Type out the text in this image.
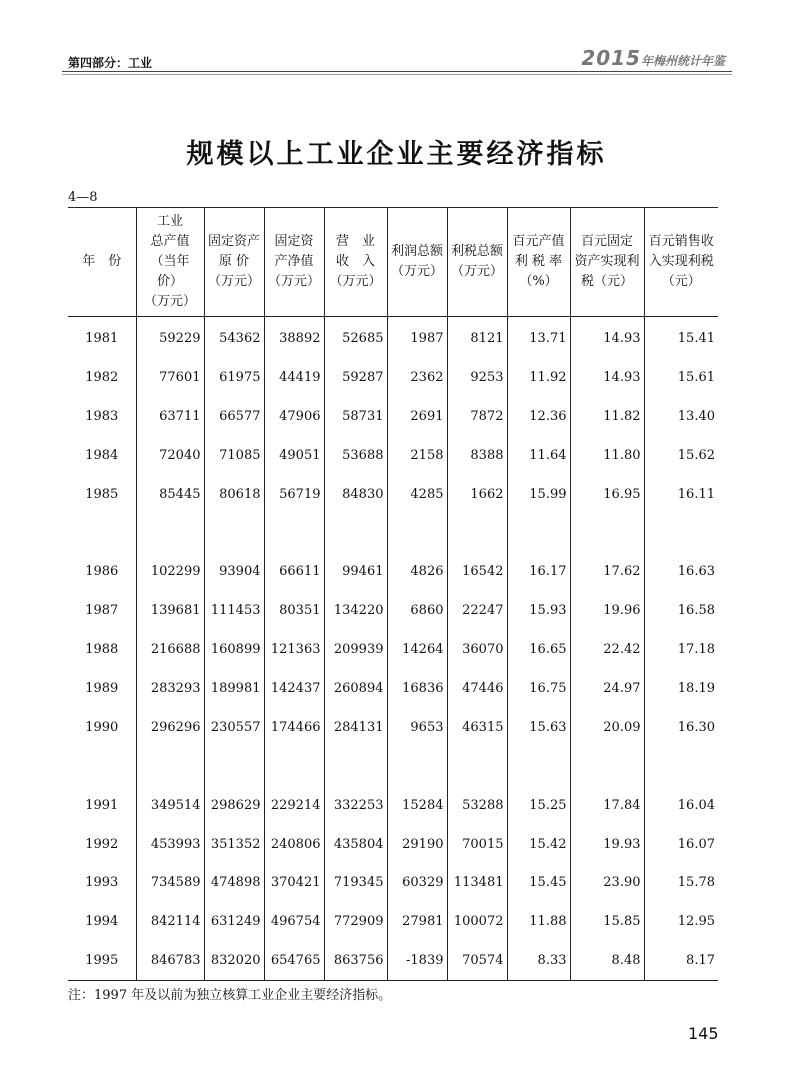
第四部分：工业	2015年梅州统计年鉴
规模以上工业企业主要经济指标
4—8
年　份	工业
总产值
（当年价）
（万元）	固定资产
原 价
（万元）	固定资
产净值
（万元）	营　业
收　入
（万元）	利润总额
（万元）	利税总额
（万元）	百元产值
利 税 率
（%）	百元固定
资产实现利
税（元）	百元销售收
入实现利税
（元）
1981	59229	54362	38892	52685	1987	8121	13.71	14.93	15.41
1982	77601	61975	44419	59287	2362	9253	11.92	14.93	15.61
1983	63711	66577	47906	58731	2691	7872	12.36	11.82	13.40
1984	72040	71085	49051	53688	2158	8388	11.64	11.80	15.62
1985	85445	80618	56719	84830	4285	1662	15.99	16.95	16.11

1986	102299	93904	66611	99461	4826	16542	16.17	17.62	16.63
1987	139681	111453	80351	134220	6860	22247	15.93	19.96	16.58
1988	216688	160899	121363	209939	14264	36070	16.65	22.42	17.18
1989	283293	189981	142437	260894	16836	47446	16.75	24.97	18.19
1990	296296	230557	174466	284131	9653	46315	15.63	20.09	16.30

1991	349514	298629	229214	332253	15284	53288	15.25	17.84	16.04
1992	453993	351352	240806	435804	29190	70015	15.42	19.93	16.07
1993	734589	474898	370421	719345	60329	113481	15.45	23.90	15.78
1994	842114	631249	496754	772909	27981	100072	11.88	15.85	12.95
1995	846783	832020	654765	863756	-1839	70574	8.33	8.48	8.17
注：1997 年及以前为独立核算工业企业主要经济指标。
145
